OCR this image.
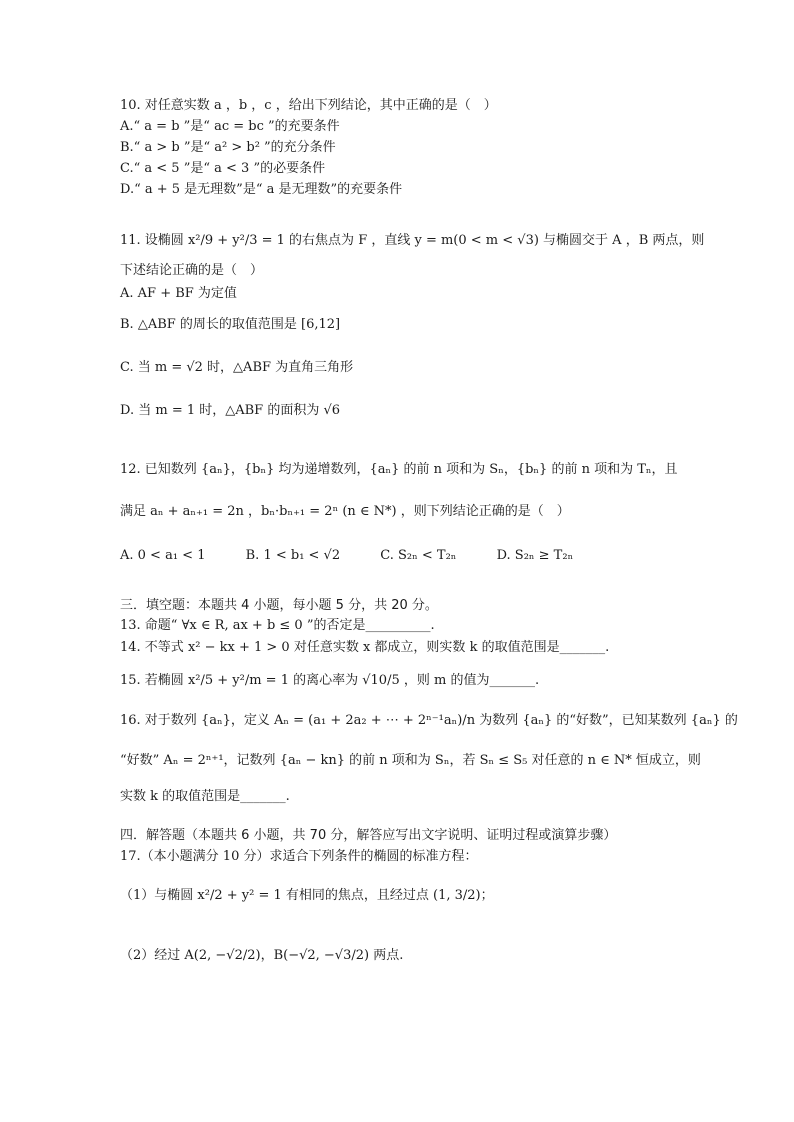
10. 对任意实数 a ，b ，c ，给出下列结论，其中正确的是（　）
A.“ a = b ”是“ ac = bc ”的充要条件
B.“ a > b ”是“ a² > b² ”的充分条件
C.“ a < 5 ”是“ a < 3 ”的必要条件
D.“ a + 5 是无理数”是“ a 是无理数”的充要条件
11. 设椭圆 x²/9 + y²/3 = 1 的右焦点为 F ，直线 y = m(0 < m < √3) 与椭圆交于 A ，B 两点，则
下述结论正确的是（　）
A. AF + BF 为定值
B. △ABF 的周长的取值范围是 [6,12]
C. 当 m = √2 时，△ABF 为直角三角形
D. 当 m = 1 时，△ABF 的面积为 √6
12. 已知数列 {aₙ}，{bₙ} 均为递增数列，{aₙ} 的前 n 项和为 Sₙ，{bₙ} 的前 n 项和为 Tₙ，且
满足 aₙ + aₙ₊₁ = 2n ，bₙ·bₙ₊₁ = 2ⁿ (n ∈ N*) ，则下列结论正确的是（　）
A. 0 < a₁ < 1	B. 1 < b₁ < √2	C. S₂ₙ < T₂ₙ	D. S₂ₙ ≥ T₂ₙ
三．填空题：本题共 4 小题，每小题 5 分，共 20 分。
13. 命题“ ∀x ∈ R, ax + b ≤ 0 ”的否定是__________.
14. 不等式 x² − kx + 1 > 0 对任意实数 x 都成立，则实数 k 的取值范围是_______.
15. 若椭圆 x²/5 + y²/m = 1 的离心率为 √10/5 ，则 m 的值为_______.
16. 对于数列 {aₙ}，定义 Aₙ = (a₁ + 2a₂ + ⋯ + 2ⁿ⁻¹aₙ)/n 为数列 {aₙ} 的“好数”，已知某数列 {aₙ} 的
“好数” Aₙ = 2ⁿ⁺¹，记数列 {aₙ − kn} 的前 n 项和为 Sₙ，若 Sₙ ≤ S₅ 对任意的 n ∈ N* 恒成立，则
实数 k 的取值范围是_______.
四．解答题（本题共 6 小题，共 70 分，解答应写出文字说明、证明过程或演算步骤）
17.（本小题满分 10 分）求适合下列条件的椭圆的标准方程：
（1）与椭圆 x²/2 + y² = 1 有相同的焦点，且经过点 (1, 3/2)；
（2）经过 A(2, −√2/2)，B(−√2, −√3/2) 两点.
